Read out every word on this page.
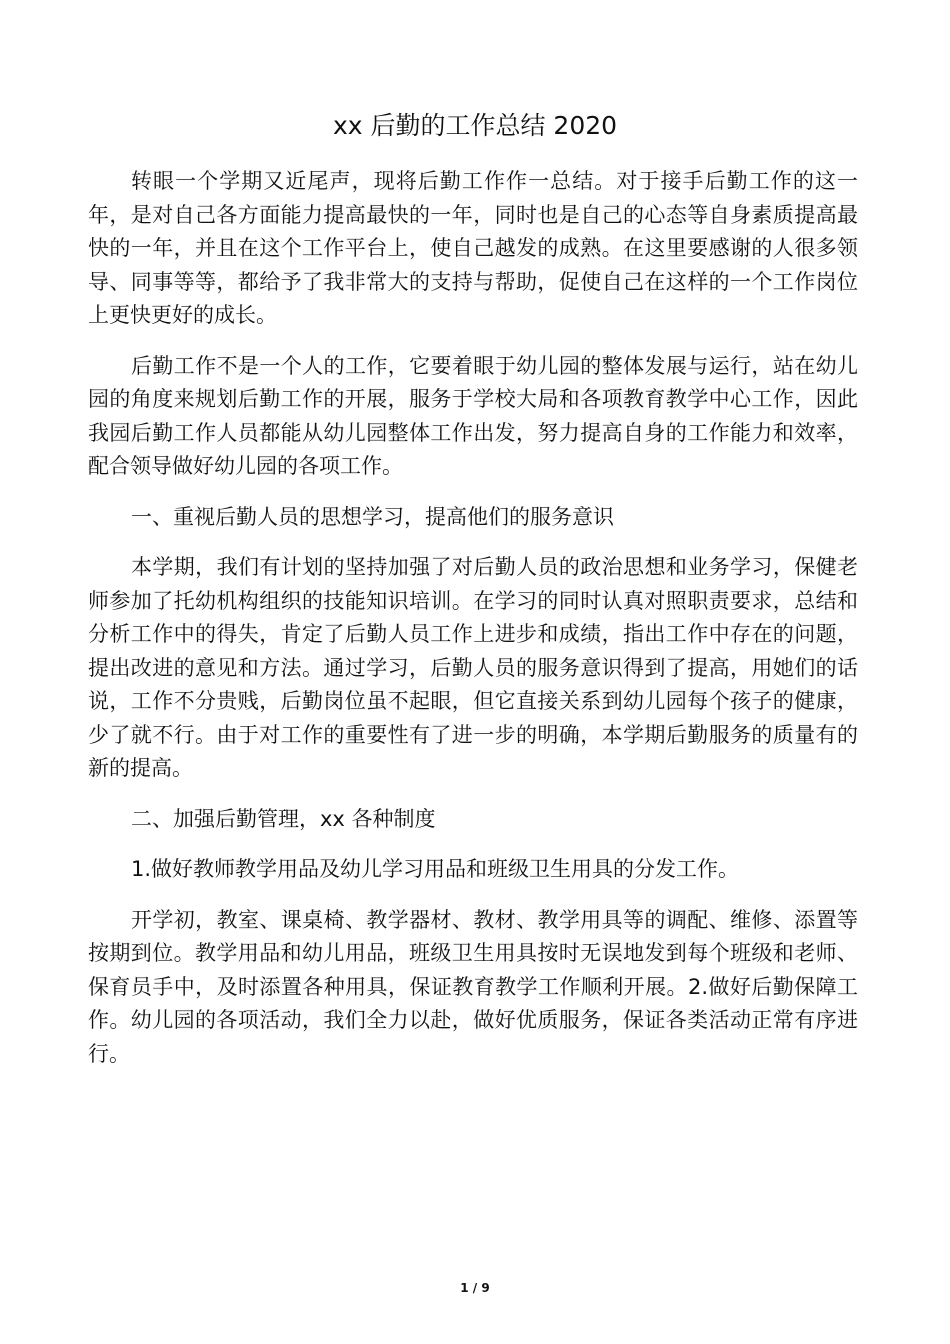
xx 后勤的工作总结 2020

转眼一个学期又近尾声，现将后勤工作作一总结。对于接手后勤工作的这一年，是对自己各方面能力提高最快的一年，同时也是自己的心态等自身素质提高最快的一年，并且在这个工作平台上，使自己越发的成熟。在这里要感谢的人很多领导、同事等等，都给予了我非常大的支持与帮助，促使自己在这样的一个工作岗位上更快更好的成长。

后勤工作不是一个人的工作，它要着眼于幼儿园的整体发展与运行，站在幼儿园的角度来规划后勤工作的开展，服务于学校大局和各项教育教学中心工作，因此我园后勤工作人员都能从幼儿园整体工作出发，努力提高自身的工作能力和效率，配合领导做好幼儿园的各项工作。

一、重视后勤人员的思想学习，提高他们的服务意识

本学期，我们有计划的坚持加强了对后勤人员的政治思想和业务学习，保健老师参加了托幼机构组织的技能知识培训。在学习的同时认真对照职责要求，总结和分析工作中的得失，肯定了后勤人员工作上进步和成绩，指出工作中存在的问题，提出改进的意见和方法。通过学习，后勤人员的服务意识得到了提高，用她们的话说，工作不分贵贱，后勤岗位虽不起眼，但它直接关系到幼儿园每个孩子的健康，少了就不行。由于对工作的重要性有了进一步的明确，本学期后勤服务的质量有的新的提高。

二、加强后勤管理，xx 各种制度

1.做好教师教学用品及幼儿学习用品和班级卫生用具的分发工作。

开学初，教室、课桌椅、教学器材、教材、教学用具等的调配、维修、添置等按期到位。教学用品和幼儿用品，班级卫生用具按时无误地发到每个班级和老师、保育员手中，及时添置各种用具，保证教育教学工作顺利开展。2.做好后勤保障工作。幼儿园的各项活动，我们全力以赴，做好优质服务，保证各类活动正常有序进行。

1 / 9
